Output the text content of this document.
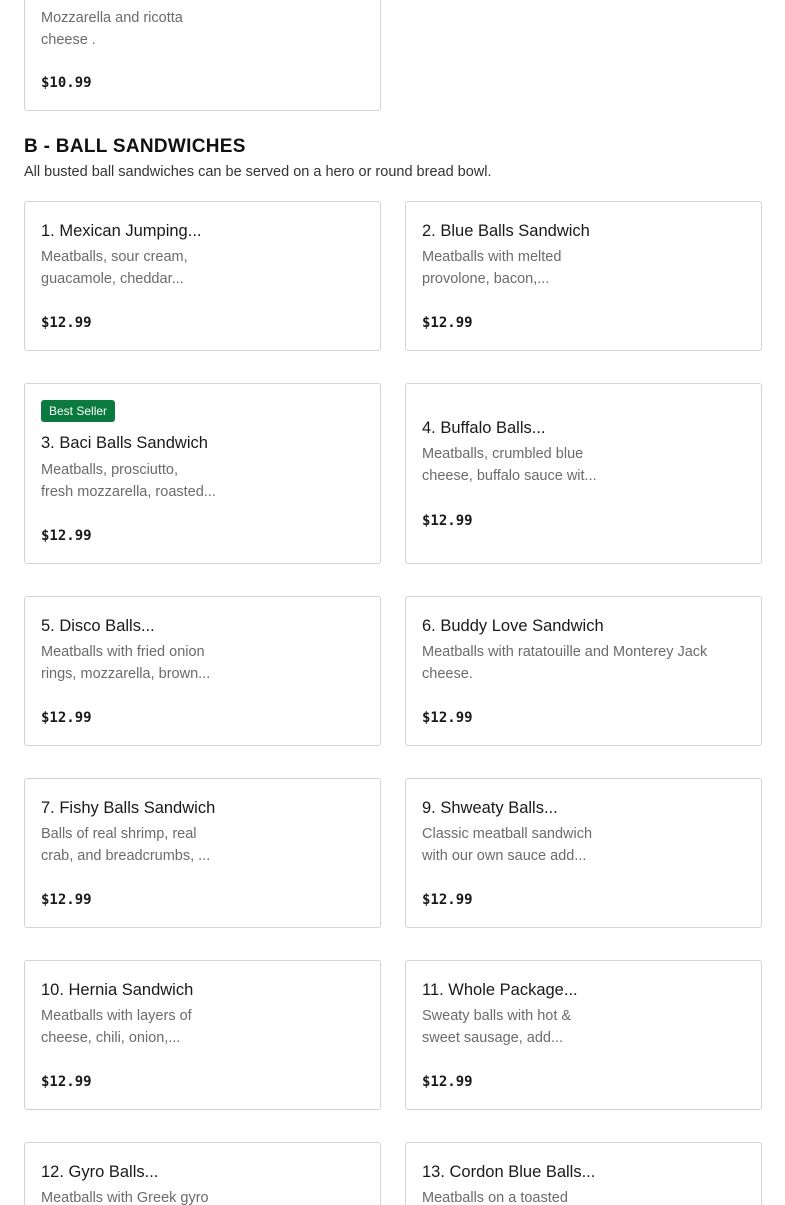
Mozzarella and ricotta
cheese .
$10.99
B - BALL SANDWICHES

All busted ball sandwiches can be served on a hero or round bread bowl.

1. Mexican Jumping...
Meatballs, sour cream,
guacamole, cheddar...
$12.99
2. Blue Balls Sandwich
Meatballs with melted
provolone, bacon,...
$12.99
Best Seller
3. Baci Balls Sandwich
Meatballs, prosciutto,
fresh mozzarella, roasted...
$12.99
4. Buffalo Balls...
Meatballs, crumbled blue
cheese, buffalo sauce wit...
$12.99
5. Disco Balls...
Meatballs with fried onion
rings, mozzarella, brown...
$12.99
6. Buddy Love Sandwich
Meatballs with ratatouille and Monterey Jack
cheese.
$12.99
7. Fishy Balls Sandwich
Balls of real shrimp, real
crab, and breadcrumbs, ...
$12.99
9. Shweaty Balls...
Classic meatball sandwich
with our own sauce add...
$12.99
10. Hernia Sandwich
Meatballs with layers of
cheese, chili, onion,...
$12.99
11. Whole Package...
Sweaty balls with hot &
sweet sausage, add...
$12.99
12. Gyro Balls...
Meatballs with Greek gyro
13. Cordon Blue Balls...
Meatballs on a toasted
